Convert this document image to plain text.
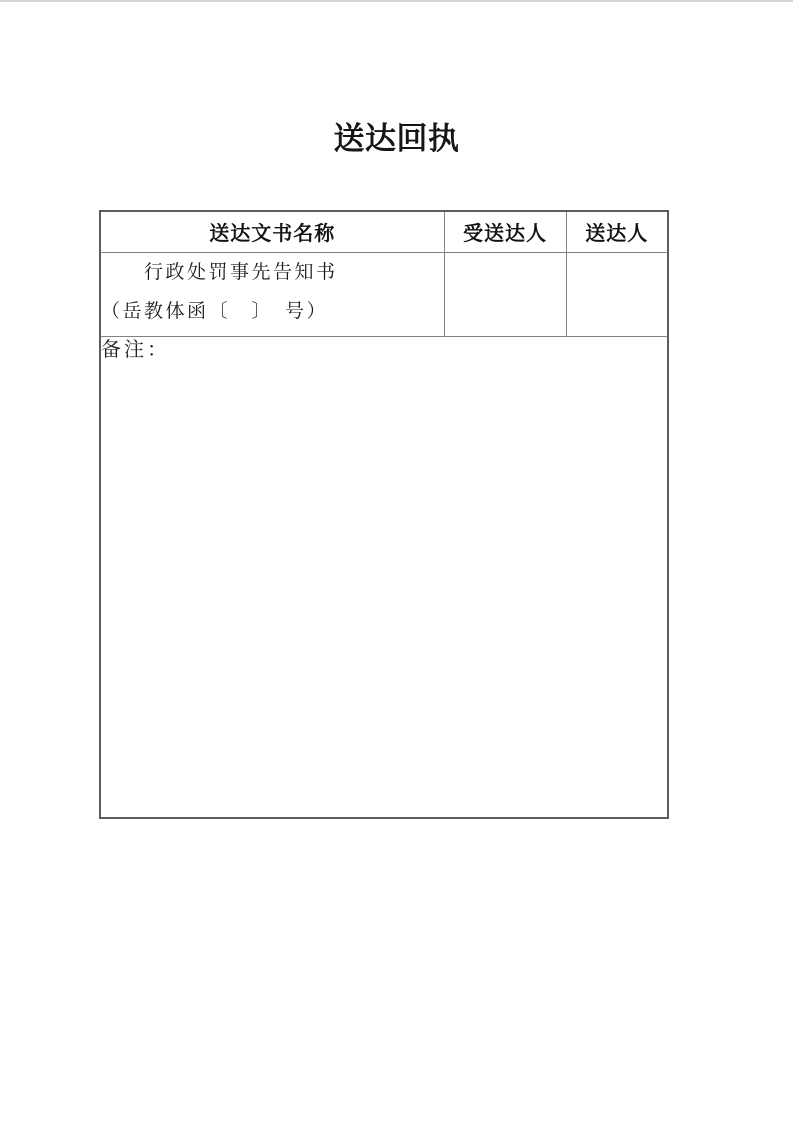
送达回执
送达文书名称	受送达人	送达人

行政处罚事先告知书
（岳教体函〔　〕　号）		

备注：		
